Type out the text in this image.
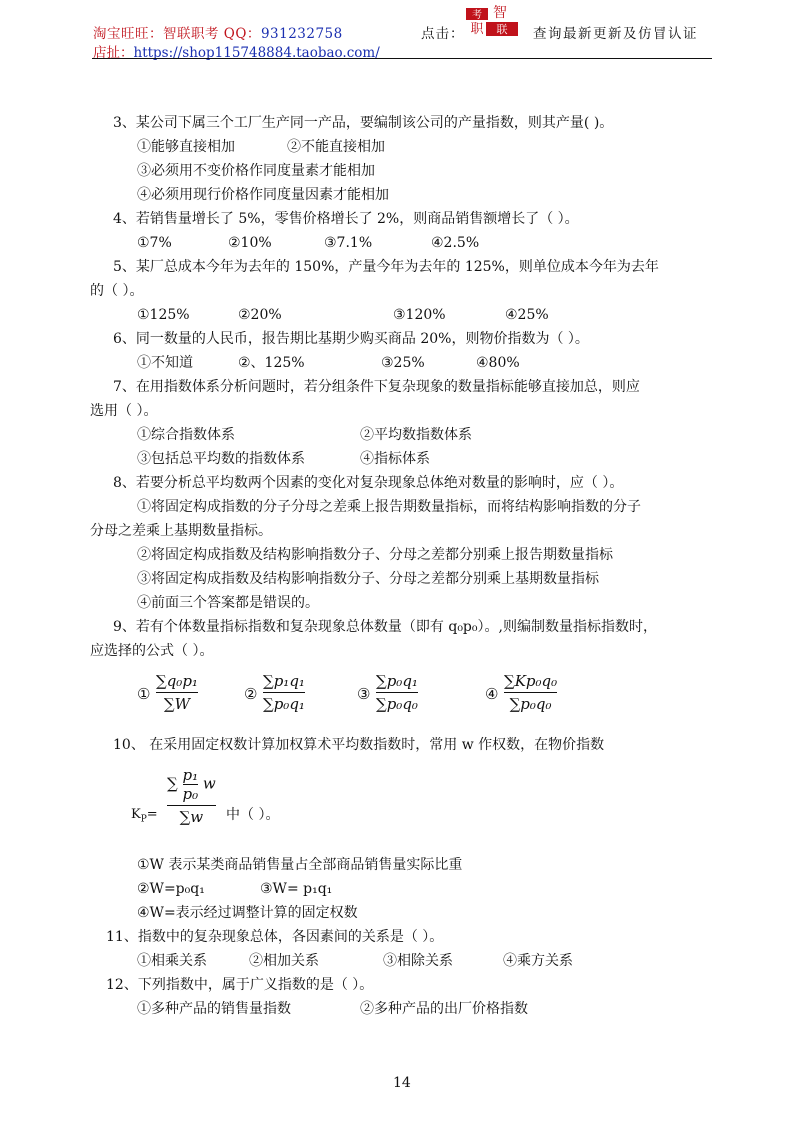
淘宝旺旺：智联职考 QQ：931232758
店扯：https://shop115748884.taobao.com/
点击：
考 智
职 联 查询最新更新及仿冒认证
3、某公司下属三个工厂生产同一产品，要编制该公司的产量指数，则其产量( )。
①能够直接相加	②不能直接相加
③必须用不变价格作同度量素才能相加
④必须用现行价格作同度量因素才能相加
4、若销售量增长了 5%，零售价格增长了 2%，则商品销售额增长了（ ）。
①7%	②10%	③7.1%	④2.5%
5、某厂总成本今年为去年的 150%，产量今年为去年的 125%，则单位成本今年为去年
的（ ）。
①125%	②20%	③120%	④25%
6、同一数量的人民币，报告期比基期少购买商品 20%，则物价指数为（ ）。
①不知道	②、125%	③25%	④80%
7、在用指数体系分析问题时，若分组条件下复杂现象的数量指标能够直接加总，则应
选用（ ）。
①综合指数体系	②平均数指数体系
③包括总平均数的指数体系	④指标体系
8、若要分析总平均数两个因素的变化对复杂现象总体绝对数量的影响时，应（ ）。
①将固定构成指数的分子分母之差乘上报告期数量指标，而将结构影响指数的分子
分母之差乘上基期数量指标。
②将固定构成指数及结构影响指数分子、分母之差都分别乘上报告期数量指标
③将固定构成指数及结构影响指数分子、分母之差都分别乘上基期数量指标
④前面三个答案都是错误的。
9、若有个体数量指标指数和复杂现象总体数量（即有 q₀p₀）。,则编制数量指标指数时，
应选择的公式（ ）。
①
∑q₀p₁
∑W
②
∑p₁q₁
∑p₀q₁
③
∑p₀q₁
∑p₀q₀
④
∑Kp₀q₀
∑p₀q₀
10、 在采用固定权数计算加权算术平均数指数时，常用 w 作权数，在物价指数
$K_P=$
∑ $\frac{\text{p₁}}{\text{p₀}}$ w
∑w	中（ ）。
①W 表示某类商品销售量占全部商品销售量实际比重
②W=p₀q₁	③W= p₁q₁
④W=表示经过调整计算的固定权数
11、指数中的复杂现象总体，各因素间的关系是（ ）。
①相乘关系	②相加关系	③相除关系	④乘方关系
12、下列指数中，属于广义指数的是（ ）。
①多种产品的销售量指数	②多种产品的出厂价格指数
14
